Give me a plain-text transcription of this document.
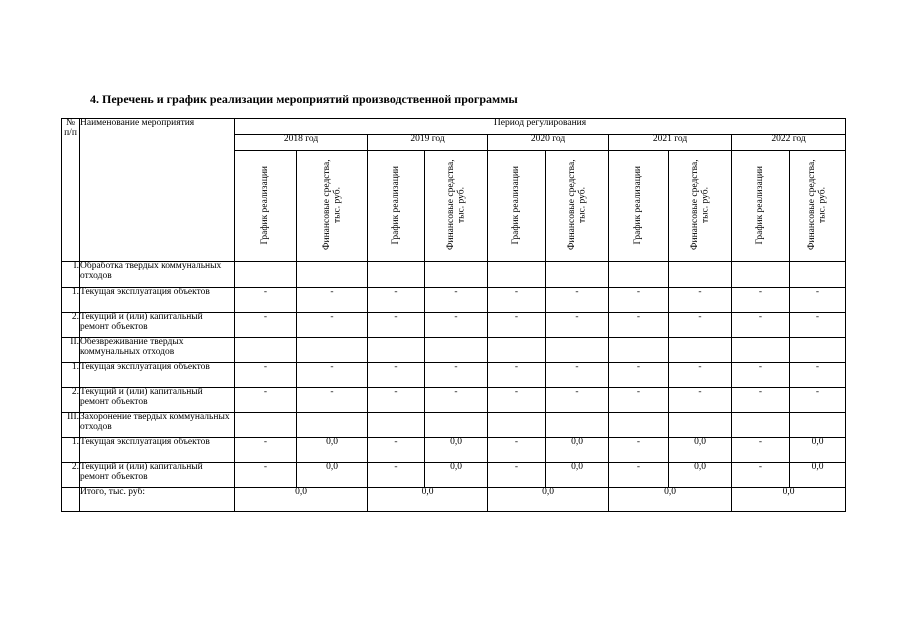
4. Перечень и график реализации мероприятий производственной программы
№ п/п	Наименование мероприятия	Период регулирования									
		2018 год		2019 год		2020 год		2021 год		2022 год	

		График реализации	Финансовые средства, тыс. руб.	График реализации	Финансовые средства, тыс. руб.	График реализации	Финансовые средства, тыс. руб.	График реализации	Финансовые средства, тыс. руб.	График реализации	Финансовые средства, тыс. руб.

I.	Обработка твердых коммунальных отходов										
1.	Текущая эксплуатация объектов	-	-	-	-	-	-	-	-	-	-
2.	Текущий и (или) капитальный ремонт объектов	-	-	-	-	-	-	-	-	-	-
II.	Обезвреживание твердых коммунальных отходов										
1.	Текущая эксплуатация объектов	-	-	-	-	-	-	-	-	-	-
2.	Текущий и (или) капитальный ремонт объектов	-	-	-	-	-	-	-	-	-	-
III.	Захоронение твердых коммунальных отходов										
1.	Текущая эксплуатация объектов	-	0,0	-	0,0	-	0,0	-	0,0	-	0,0
2.	Текущий и (или) капитальный ремонт объектов	-	0,0	-	0,0	-	0,0	-	0,0	-	0,0
	Итого, тыс. руб:	0,0		0,0		0,0		0,0		0,0	
